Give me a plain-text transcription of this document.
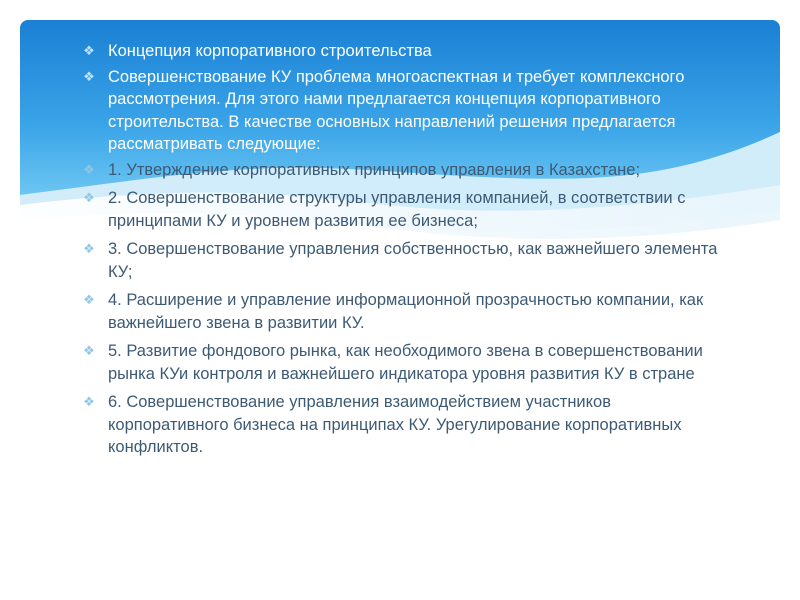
❖ Концепция корпоративного строительства
❖ Совершенствование КУ проблема многоаспектная и требует комплексного рассмотрения. Для этого нами предлагается концепция корпоративного строительства. В качестве основных направлений решения предлагается рассматривать следующие:
❖ 1. Утверждение корпоративных принципов управления в Казахстане;
❖ 2. Совершенствование структуры управления компанией, в соответствии с принципами КУ и уровнем развития ее бизнеса;
❖ 3. Совершенствование управления собственностью, как важнейшего элемента КУ;
❖ 4. Расширение и управление информационной прозрачностью компании, как важнейшего звена в развитии КУ.
❖ 5. Развитие фондового рынка, как необходимого звена в совершенствовании рынка КУи контроля и важнейшего индикатора уровня развития КУ в стране
❖ 6. Совершенствование управления взаимодействием участников корпоративного бизнеса на принципах КУ. Урегулирование корпоративных конфликтов.
